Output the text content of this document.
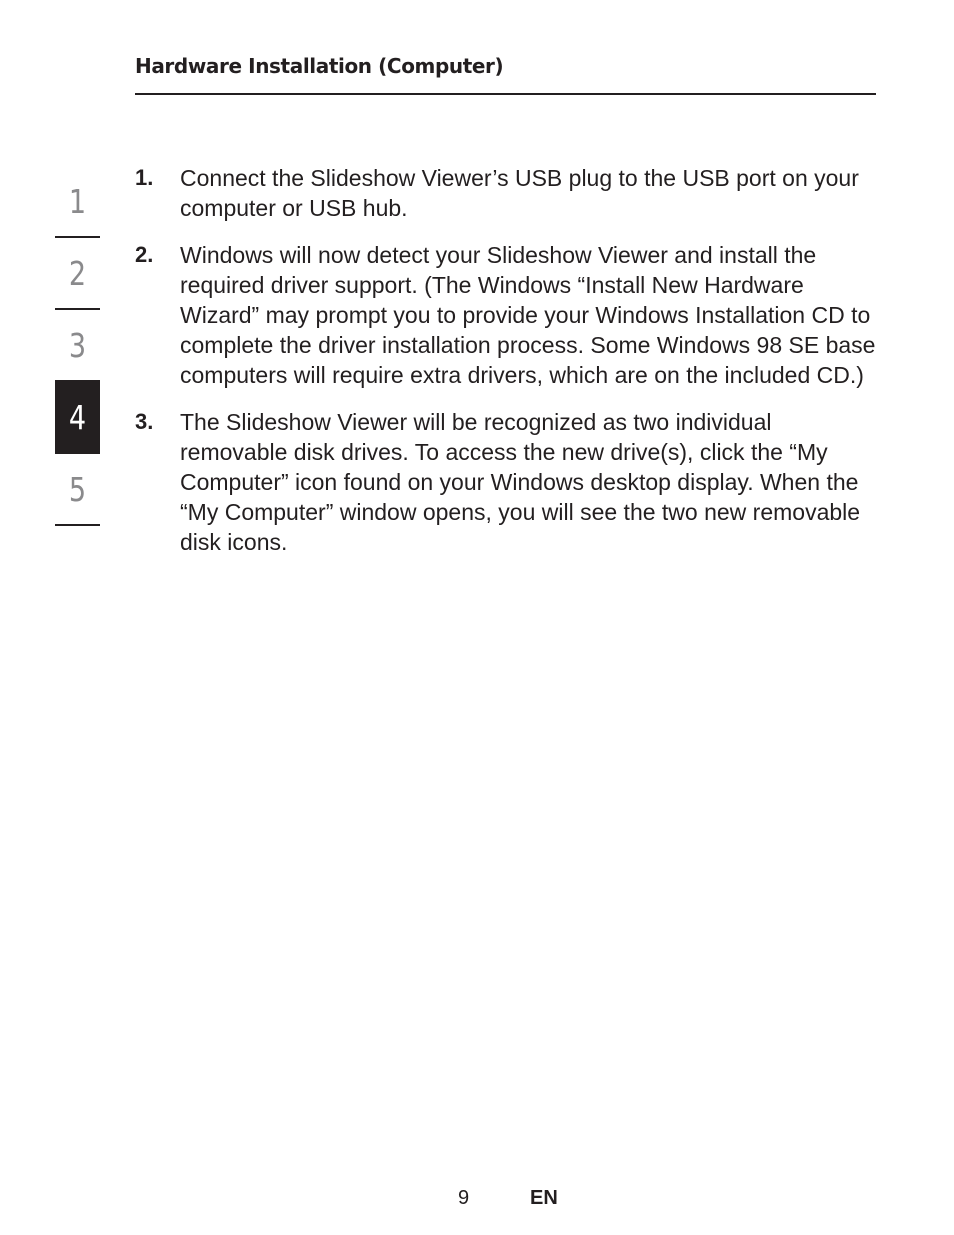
Hardware Installation (Computer)
1
2
3
4
5
1. Connect the Slideshow Viewer’s USB plug to the USB port on your computer or USB hub.
2. Windows will now detect your Slideshow Viewer and install the required driver support. (The Windows “Install New Hardware Wizard” may prompt you to provide your Windows Installation CD to complete the driver installation process. Some Windows 98 SE base computers will require extra drivers, which are on the included CD.)
3. The Slideshow Viewer will be recognized as two individual removable disk drives. To access the new drive(s), click the “My Computer” icon found on your Windows desktop display. When the “My Computer” window opens, you will see the two new removable disk icons.
9	EN
